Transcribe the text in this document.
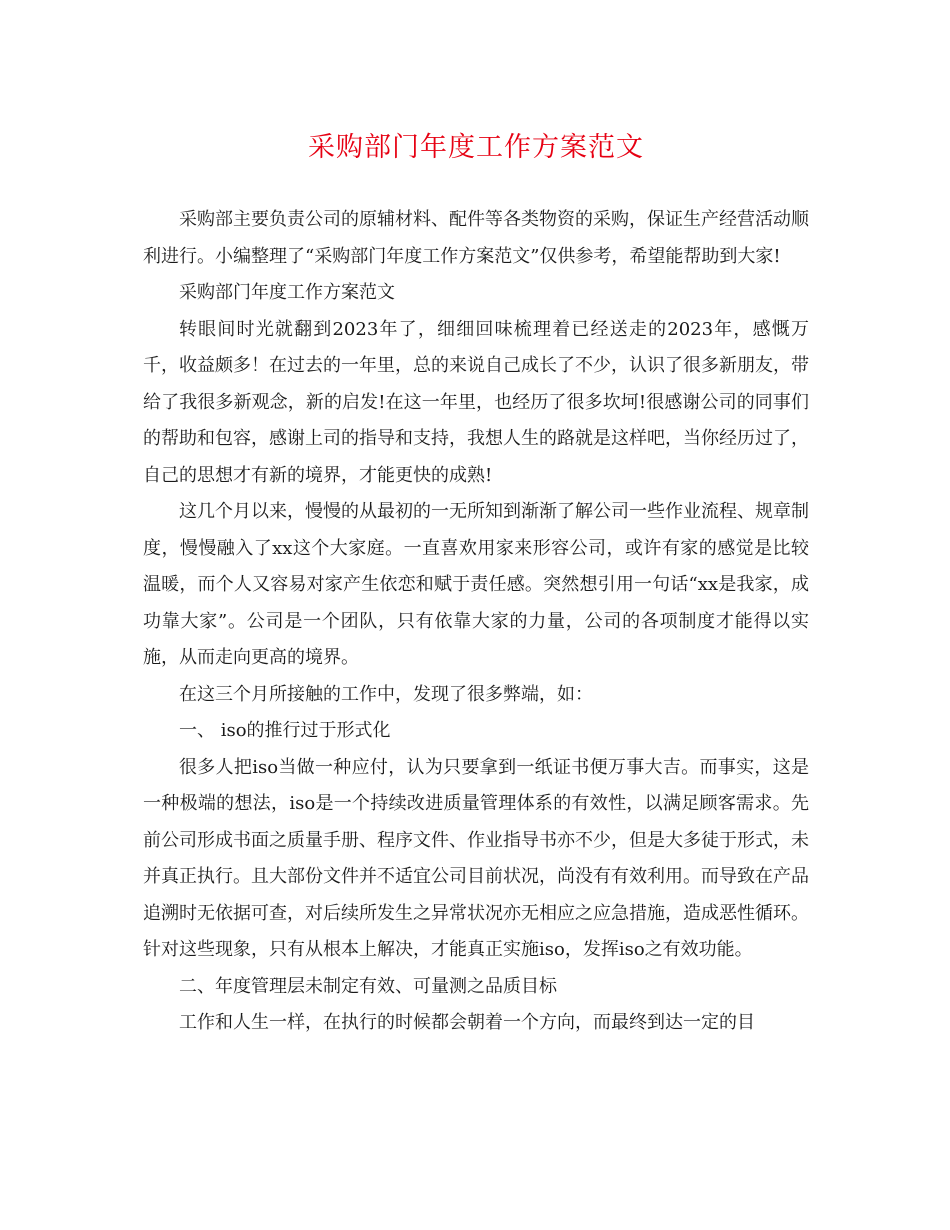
采购部门年度工作方案范文

采购部主要负责公司的原辅材料、配件等各类物资的采购，保证生产经营活动顺利进行。小编整理了“采购部门年度工作方案范文”仅供参考，希望能帮助到大家!

采购部门年度工作方案范文

转眼间时光就翻到2023年了，细细回味梳理着已经送走的2023年，感慨万千，收益颇多！在过去的一年里，总的来说自己成长了不少，认识了很多新朋友，带给了我很多新观念，新的启发!在这一年里，也经历了很多坎坷!很感谢公司的同事们的帮助和包容，感谢上司的指导和支持，我想人生的路就是这样吧，当你经历过了，自己的思想才有新的境界，才能更快的成熟!

这几个月以来，慢慢的从最初的一无所知到渐渐了解公司一些作业流程、规章制度，慢慢融入了xx这个大家庭。一直喜欢用家来形容公司，或许有家的感觉是比较温暖，而个人又容易对家产生依恋和赋于责任感。突然想引用一句话“xx是我家，成功靠大家”。公司是一个团队，只有依靠大家的力量，公司的各项制度才能得以实施，从而走向更高的境界。

在这三个月所接触的工作中，发现了很多弊端，如：

一、 iso的推行过于形式化

很多人把iso当做一种应付，认为只要拿到一纸证书便万事大吉。而事实，这是一种极端的想法，iso是一个持续改进质量管理体系的有效性，以满足顾客需求。先前公司形成书面之质量手册、程序文件、作业指导书亦不少，但是大多徒于形式，未并真正执行。且大部份文件并不适宜公司目前状况，尚没有有效利用。而导致在产品追溯时无依据可查，对后续所发生之异常状况亦无相应之应急措施，造成恶性循环。针对这些现象，只有从根本上解决，才能真正实施iso，发挥iso之有效功能。

二、年度管理层未制定有效、可量测之品质目标

工作和人生一样，在执行的时候都会朝着一个方向，而最终到达一定的目
